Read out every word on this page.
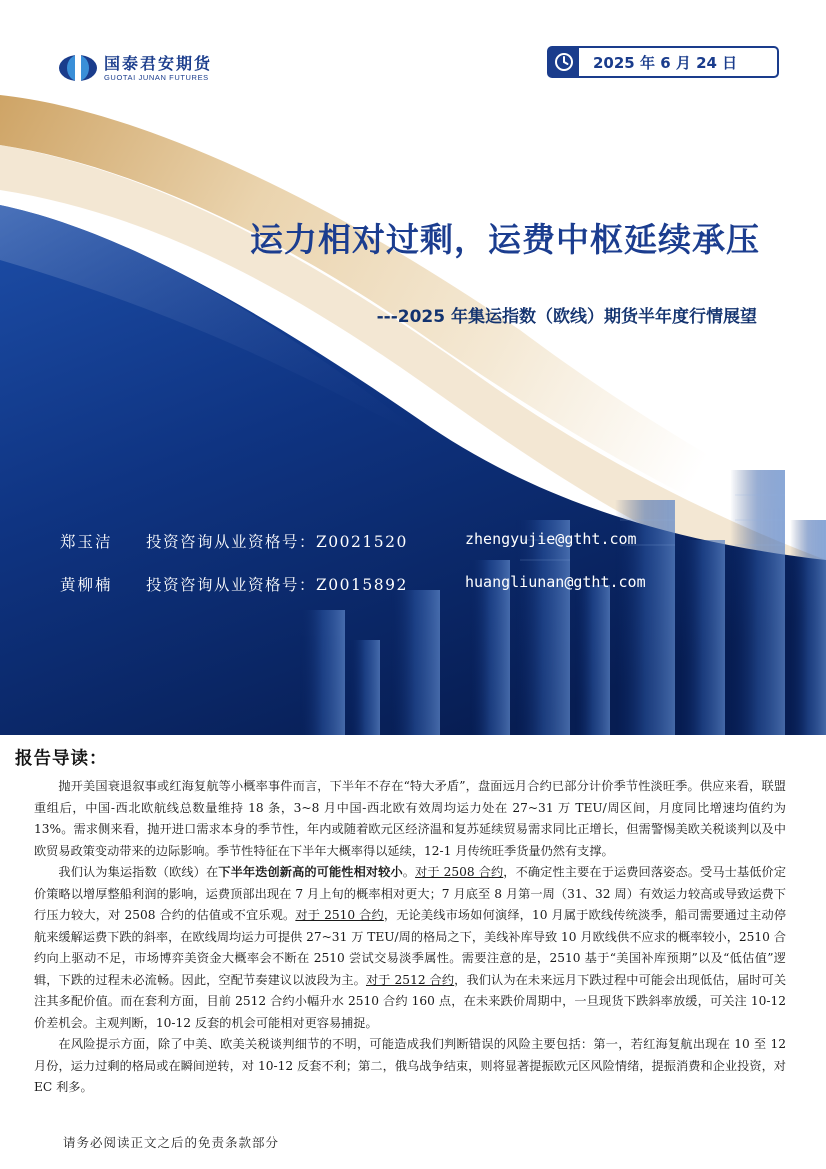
国泰君安期货
GUOTAI JUNAN FUTURES
2025 年 6 月 24 日
运力相对过剩，运费中枢延续承压
---2025 年集运指数（欧线）期货半年度行情展望
郑玉洁 投资咨询从业资格号：Z0021520	zhengyujie@gtht.com
黄柳楠 投资咨询从业资格号：Z0015892	huangliunan@gtht.com
报告导读：

抛开美国衰退叙事或红海复航等小概率事件而言，下半年不存在“特大矛盾”，盘面远月合约已部分计价季节性淡旺季。供应来看，联盟重组后，中国-西北欧航线总数量维持 18 条，3~8 月中国-西北欧有效周均运力处在 27~31 万 TEU/周区间，月度同比增速均值约为 13%。需求侧来看，抛开进口需求本身的季节性，年内或随着欧元区经济温和复苏延续贸易需求同比正增长，但需警惕美欧关税谈判以及中欧贸易政策变动带来的边际影响。季节性特征在下半年大概率得以延续，12-1 月传统旺季货量仍然有支撑。

我们认为集运指数（欧线）在下半年迭创新高的可能性相对较小。对于 2508 合约，不确定性主要在于运费回落姿态。受马士基低价定价策略以增厚整船利润的影响，运费顶部出现在 7 月上旬的概率相对更大；7 月底至 8 月第一周（31、32 周）有效运力较高或导致运费下行压力较大，对 2508 合约的估值或不宜乐观。对于 2510 合约，无论美线市场如何演绎，10 月属于欧线传统淡季，船司需要通过主动停航来缓解运费下跌的斜率，在欧线周均运力可提供 27~31 万 TEU/周的格局之下，美线补库导致 10 月欧线供不应求的概率较小，2510 合约向上驱动不足，市场博弈美资金大概率会不断在 2510 尝试交易淡季属性。需要注意的是，2510 基于“美国补库预期”以及“低估值”逻辑，下跌的过程未必流畅。因此，空配节奏建议以波段为主。对于 2512 合约，我们认为在未来远月下跌过程中可能会出现低估，届时可关注其多配价值。而在套利方面，目前 2512 合约小幅升水 2510 合约 160 点，在未来跌价周期中，一旦现货下跌斜率放缓，可关注 10-12 价差机会。主观判断，10-12 反套的机会可能相对更容易捕捉。

在风险提示方面，除了中美、欧美关税谈判细节的不明，可能造成我们判断错误的风险主要包括：第一，若红海复航出现在 10 至 12 月份，运力过剩的格局或在瞬间逆转，对 10-12 反套不利；第二，俄乌战争结束，则将显著提振欧元区风险情绪，提振消费和企业投资，对 EC 利多。

请务必阅读正文之后的免责条款部分
